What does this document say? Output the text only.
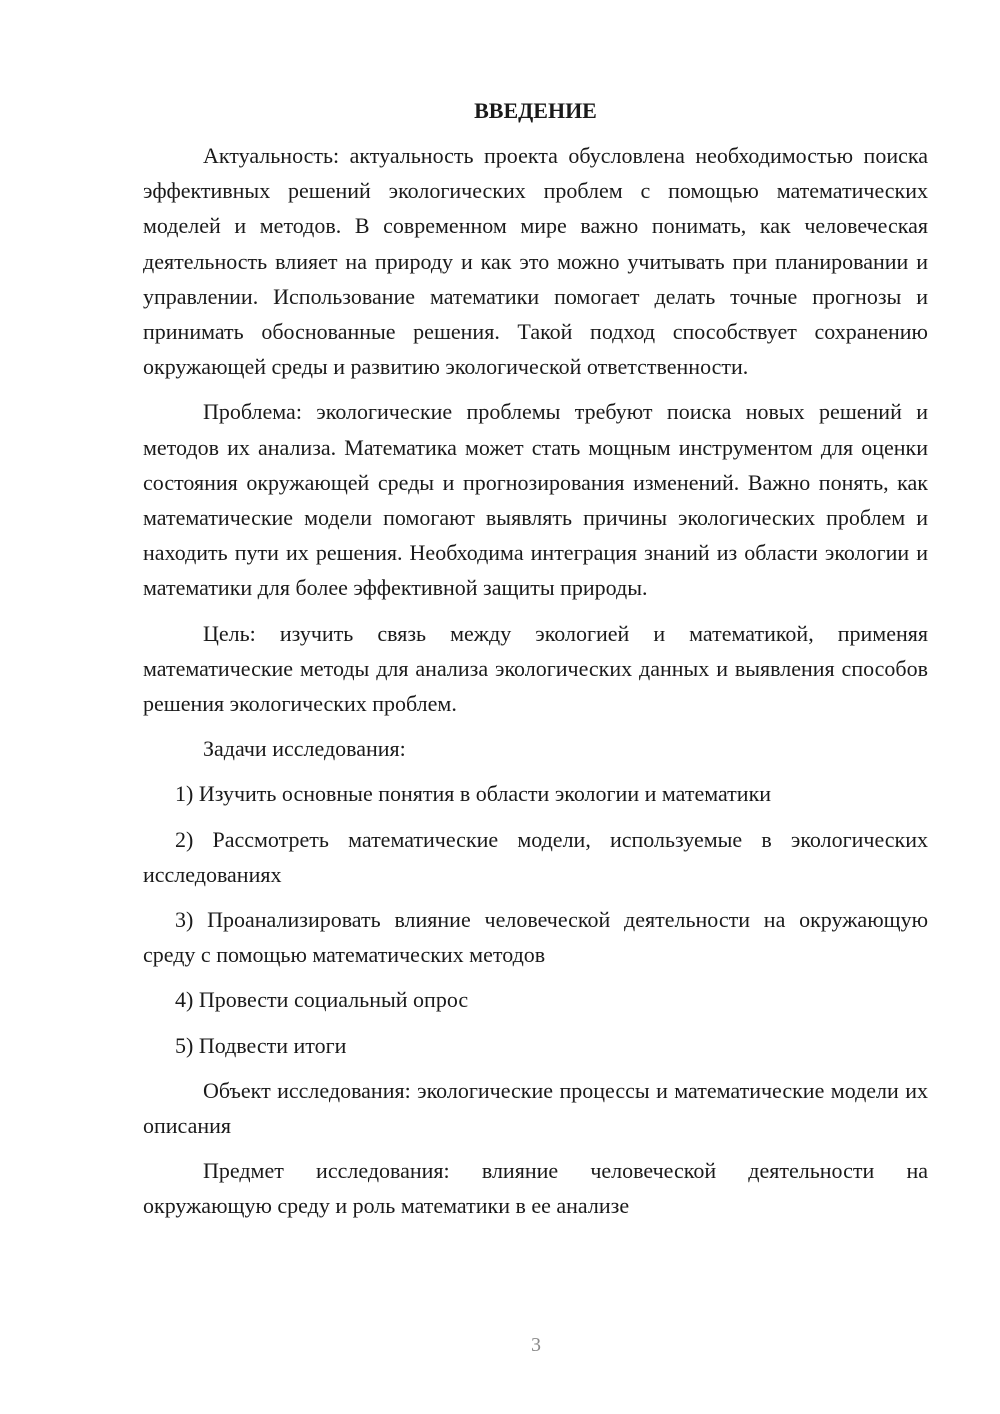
ВВЕДЕНИЕ

Актуальность: актуальность проекта обусловлена необходимостью поиска эффективных решений экологических проблем с помощью математических моделей и методов. В современном мире важно понимать, как человеческая деятельность влияет на природу и как это можно учитывать при планировании и управлении. Использование математики помогает делать точные прогнозы и принимать обоснованные решения. Такой подход способствует сохранению окружающей среды и развитию экологической ответственности.

Проблема: экологические проблемы требуют поиска новых решений и методов их анализа. Математика может стать мощным инструментом для оценки состояния окружающей среды и прогнозирования изменений. Важно понять, как математические модели помогают выявлять причины экологических проблем и находить пути их решения. Необходима интеграция знаний из области экологии и математики для более эффективной защиты природы.

Цель: изучить связь между экологией и математикой, применяя математические методы для анализа экологических данных и выявления способов решения экологических проблем.

Задачи исследования:

1) Изучить основные понятия в области экологии и математики

2) Рассмотреть математические модели, используемые в экологических исследованиях

3) Проанализировать влияние человеческой деятельности на окружающую среду с помощью математических методов

4) Провести социальный опрос

5) Подвести итоги

Объект исследования: экологические процессы и математические модели их описания

Предмет исследования: влияние человеческой деятельности на окружающую среду и роль математики в ее анализе

3
